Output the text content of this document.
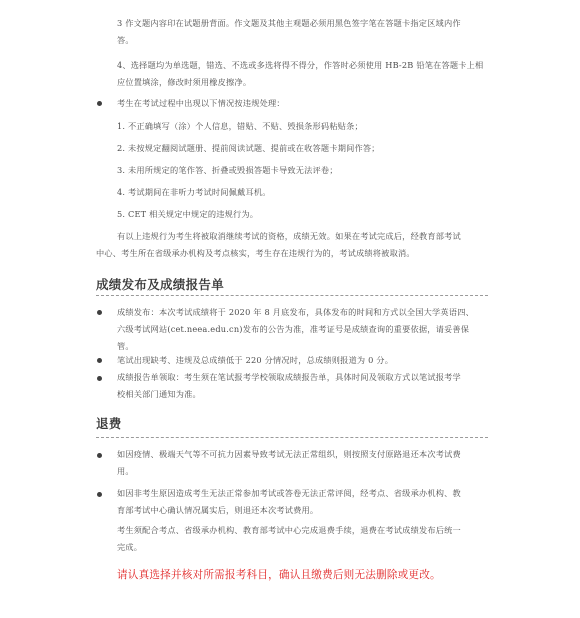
3 作文题内容印在试题册背面。作文题及其他主观题必须用黑色签字笔在答题卡指定区域内作
答。
4、选择题均为单选题，错选、不选或多选将得不得分，作答时必须使用 HB-2B 铅笔在答题卡上相
应位置填涂，修改时须用橡皮擦净。
考生在考试过程中出现以下情况按违规处理：
1. 不正确填写（涂）个人信息，错贴、不贴、毁损条形码粘贴条；
2. 未按规定翻阅试题册、提前阅读试题、提前或在收答题卡期间作答；
3. 未用所规定的笔作答、折叠或毁损答题卡导致无法评卷；
4. 考试期间在非听力考试时间佩戴耳机。
5. CET 相关规定中规定的违规行为。
有以上违规行为考生将被取消继续考试的资格，成绩无效。如果在考试完成后，经教育部考试
中心、考生所在省级承办机构及考点核实，考生存在违规行为的，考试成绩将被取消。
成绩发布及成绩报告单
成绩发布：本次考试成绩将于 2020 年 8 月底发布，具体发布的时间和方式以全国大学英语四、
六级考试网站(cet.neea.edu.cn)发布的公告为准，准考证号是成绩查询的重要依据，请妥善保
管。
笔试出现缺考、违规及总成绩低于 220 分情况时，总成绩则报道为 0 分。
成绩报告单领取：考生须在笔试报考学校领取成绩报告单，具体时间及领取方式以笔试报考学
校相关部门通知为准。
退费
如因疫情、极端天气等不可抗力因素导致考试无法正常组织，则按照支付原路退还本次考试费
用。
如因非考生原因造成考生无法正常参加考试或答卷无法正常评阅，经考点、省级承办机构、教
育部考试中心确认情况属实后，则退还本次考试费用。
考生须配合考点、省级承办机构、教育部考试中心完成退费手续，退费在考试成绩发布后统一
完成。
请认真选择并核对所需报考科目，确认且缴费后则无法删除或更改。
